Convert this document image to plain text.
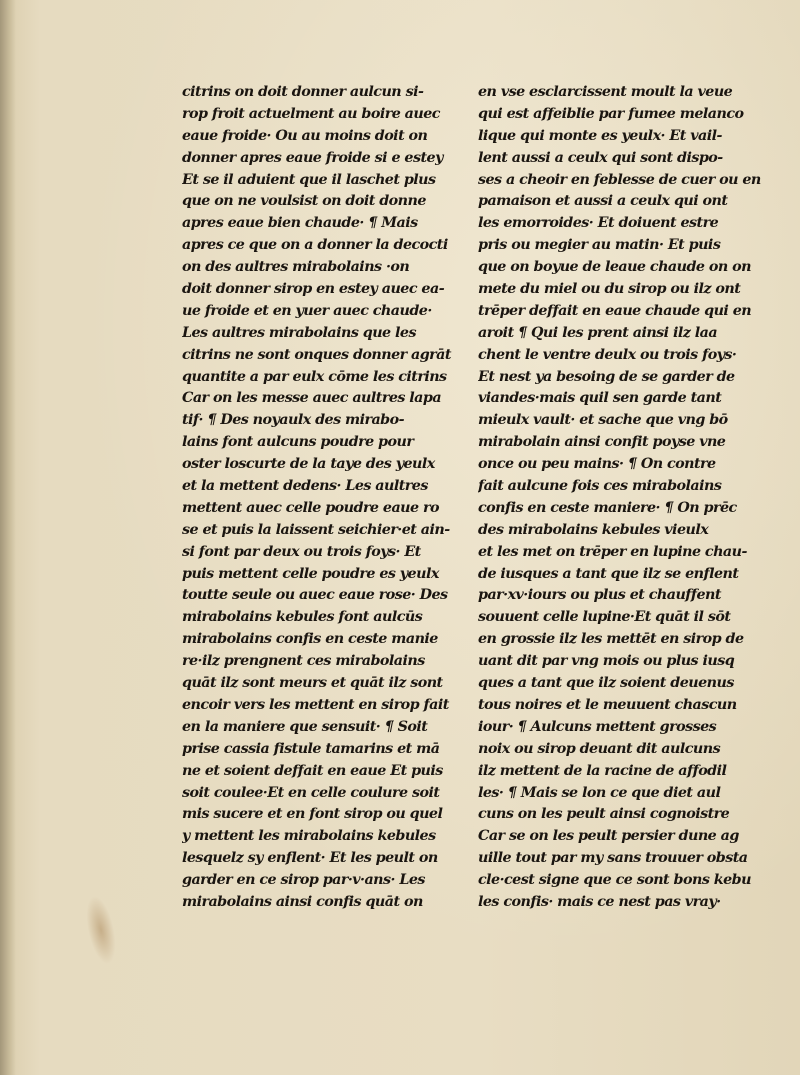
citrins on doit donner aulcun si-
rop froit actuelment au boire auec
eaue froide· Ou au moins doit on
donner apres eaue froide si e estey
Et se il aduient que il laschet plus
que on ne voulsist on doit donne
apres eaue bien chaude· ¶ Mais
apres ce que on a donner la decocti
on des aultres mirabolains ·on
doit donner sirop en estey auec ea-
ue froide et en yuer auec chaude·
Les aultres mirabolains que les
citrins ne sont onques donner agrāt
quantite a par eulx cōme les citrins
Car on les messe auec aultres lapa
tif· ¶ Des noyaulx des mirabo-
lains font aulcuns poudre pour
oster loscurte de la taye des yeulx
et la mettent dedens· Les aultres
mettent auec celle poudre eaue ro
se et puis la laissent seichier·et ain-
si font par deux ou trois foys· Et
puis mettent celle poudre es yeulx
toutte seule ou auec eaue rose· Des
mirabolains kebules font aulcūs
mirabolains confis en ceste manie
re·ilz prengnent ces mirabolains
quāt ilz sont meurs et quāt ilz sont
encoir vers les mettent en sirop fait
en la maniere que sensuit· ¶ Soit
prise cassia fistule tamarins et mā
ne et soient deffait en eaue Et puis
soit coulee·Et en celle coulure soit
mis sucere et en font sirop ou quel
y mettent les mirabolains kebules
lesquelz sy enflent· Et les peult on
garder en ce sirop par·v·ans· Les
mirabolains ainsi confis quāt on
en vse esclarcissent moult la veue
qui est affeiblie par fumee melanco
lique qui monte es yeulx· Et vail-
lent aussi a ceulx qui sont dispo-
ses a cheoir en feblesse de cuer ou en
pamaison et aussi a ceulx qui ont
les emorroides· Et doiuent estre
pris ou megier au matin· Et puis
que on boyue de leaue chaude on on
mete du miel ou du sirop ou ilz ont
trēper deffait en eaue chaude qui en
aroit ¶ Qui les prent ainsi ilz laa
chent le ventre deulx ou trois foys·
Et nest ya besoing de se garder de
viandes·mais quil sen garde tant
mieulx vault· et sache que vng bō
mirabolain ainsi confit poyse vne
once ou peu mains· ¶ On contre
fait aulcune fois ces mirabolains
confis en ceste maniere· ¶ On prēc
des mirabolains kebules vieulx
et les met on trēper en lupine chau-
de iusques a tant que ilz se enflent
par·xv·iours ou plus et chauffent
souuent celle lupine·Et quāt il sōt
en grossie ilz les mettēt en sirop de
uant dit par vng mois ou plus iusq
ques a tant que ilz soient deuenus
tous noires et le meuuent chascun
iour· ¶ Aulcuns mettent grosses
noix ou sirop deuant dit aulcuns
ilz mettent de la racine de affodil
les· ¶ Mais se lon ce que diet aul
cuns on les peult ainsi cognoistre
Car se on les peult persier dune ag
uille tout par my sans trouuer obsta
cle·cest signe que ce sont bons kebu
les confis· mais ce nest pas vray·
